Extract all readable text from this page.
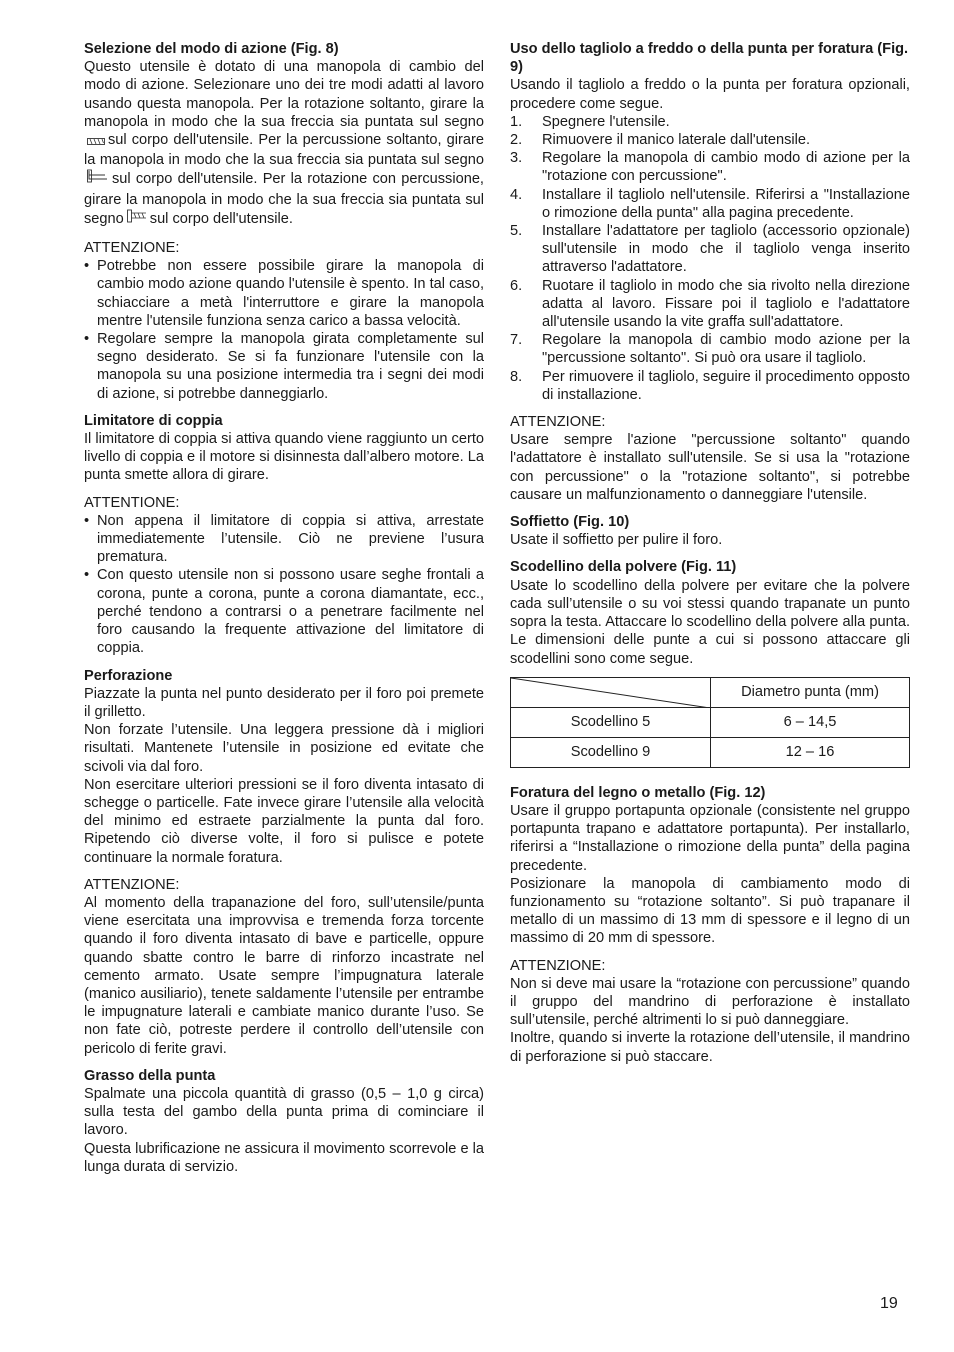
Selezione del modo di azione (Fig. 8)

Questo utensile è dotato di una manopola di cambio del modo di azione. Selezionare uno dei tre modi adatti al lavoro usando questa manopola. Per la rotazione soltanto, girare la manopola in modo che la sua freccia sia puntata sul segnosul corpo dell'utensile. Per la percussione soltanto, girare la manopola in modo che la sua freccia sia puntata sul segnosul corpo dell'utensile. Per la rotazione con percussione, girare la manopola in modo che la sua freccia sia puntata sul segno sul corpo dell'utensile.

ATTENZIONE:

• Potrebbe non essere possibile girare la manopola di cambio modo azione quando l'utensile è spento. In tal caso, schiacciare a metà l'interruttore e girare la manopola mentre l'utensile funziona senza carico a bassa velocità.
• Regolare sempre la manopola girata completamente sul segno desiderato. Se si fa funzionare l'utensile con la manopola su una posizione intermedia tra i segni dei modi di azione, si potrebbe danneggiarlo.
Limitatore di coppia

Il limitatore di coppia si attiva quando viene raggiunto un certo livello di coppia e il motore si disinnesta dall’albero motore. La punta smette allora di girare.

ATTENTIONE:

• Non appena il limitatore di coppia si attiva, arrestate immediatemente l’utensile. Ciò ne previene l’usura prematura.
• Con questo utensile non si possono usare seghe frontali a corona, punte a corona, punte a corona diamantate, ecc., perché tendono a contrarsi o a penetrare facilmente nel foro causando la frequente attivazione del limitatore di coppia.
Perforazione

Piazzate la punta nel punto desiderato per il foro poi premete il grilletto.

Non forzate l’utensile. Una leggera pressione dà i migliori risultati. Mantenete l’utensile in posizione ed evitate che scivoli via dal foro.

Non esercitare ulteriori pressioni se il foro diventa intasato di schegge o particelle. Fate invece girare l’utensile alla velocità del minimo ed estraete parzialmente la punta dal foro. Ripetendo ciò diverse volte, il foro si pulisce e potete continuare la normale foratura.

ATTENZIONE:

Al momento della trapanazione del foro, sull’utensile/punta viene esercitata una improvvisa e tremenda forza torcente quando il foro diventa intasato di bave e particelle, oppure quando sbatte contro le barre di rinforzo incastrate nel cemento armato. Usate sempre l’impugnatura laterale (manico ausiliario), tenete saldamente l’utensile per entrambe le impugnature laterali e cambiate manico durante l’uso. Se non fate ciò, potreste perdere il controllo dell’utensile con pericolo di ferite gravi.

Grasso della punta

Spalmate una piccola quantità di grasso (0,5 – 1,0 g circa) sulla testa del gambo della punta prima di cominciare il lavoro.

Questa lubrificazione ne assicura il movimento scorrevole e la lunga durata di servizio.

Uso dello tagliolo a freddo o della punta per foratura (Fig. 9)

Usando il tagliolo a freddo o la punta per foratura opzionali, procedere come segue.

1. Spegnere l'utensile.
2. Rimuovere il manico laterale dall'utensile.
3. Regolare la manopola di cambio modo di azione per la "rotazione con percussione".
4. Installare il tagliolo nell'utensile. Riferirsi a "Installazione o rimozione della punta" alla pagina precedente.
5. Installare l'adattatore per tagliolo (accessorio opzionale) sull'utensile in modo che il tagliolo venga inserito attraverso l'adattatore.
6. Ruotare il tagliolo in modo che sia rivolto nella direzione adatta al lavoro. Fissare poi il tagliolo e l'adattatore all'utensile usando la vite graffa sull'adattatore.
7. Regolare la manopola di cambio modo azione per la "percussione soltanto". Si può ora usare il tagliolo.
8. Per rimuovere il tagliolo, seguire il procedimento opposto di installazione.

ATTENZIONE:

Usare sempre l'azione "percussione soltanto" quando l'adattatore è installato sull'utensile. Se si usa la "rotazione con percussione" o la "rotazione soltanto", si potrebbe causare un malfunzionamento o danneggiare l'utensile.

Soffietto (Fig. 10)

Usate il soffietto per pulire il foro.

Scodellino della polvere (Fig. 11)

Usate lo scodellino della polvere per evitare che la polvere cada sull’utensile o su voi stessi quando trapanate un punto sopra la testa. Attaccare lo scodellino della polvere alla punta. Le dimensioni delle punte a cui si possono attaccare gli scodellini sono come segue.

	Diametro punta (mm)
Scodellino 5	6 – 14,5
Scodellino 9	12 – 16
Foratura del legno o metallo (Fig. 12)

Usare il gruppo portapunta opzionale (consistente nel gruppo portapunta trapano e adattatore portapunta). Per installarlo, riferirsi a “Installazione o rimozione della punta” della pagina precedente.

Posizionare la manopola di cambiamento modo di funzionamento su “rotazione soltanto”. Si può trapanare il metallo di un massimo di 13 mm di spessore e il legno di un massimo di 20 mm di spessore.

ATTENZIONE:

Non si deve mai usare la “rotazione con percussione” quando il gruppo del mandrino di perforazione è installato sull’utensile, perché altrimenti lo si può danneggiare.

Inoltre, quando si inverte la rotazione dell’utensile, il mandrino di perforazione si può staccare.

19
